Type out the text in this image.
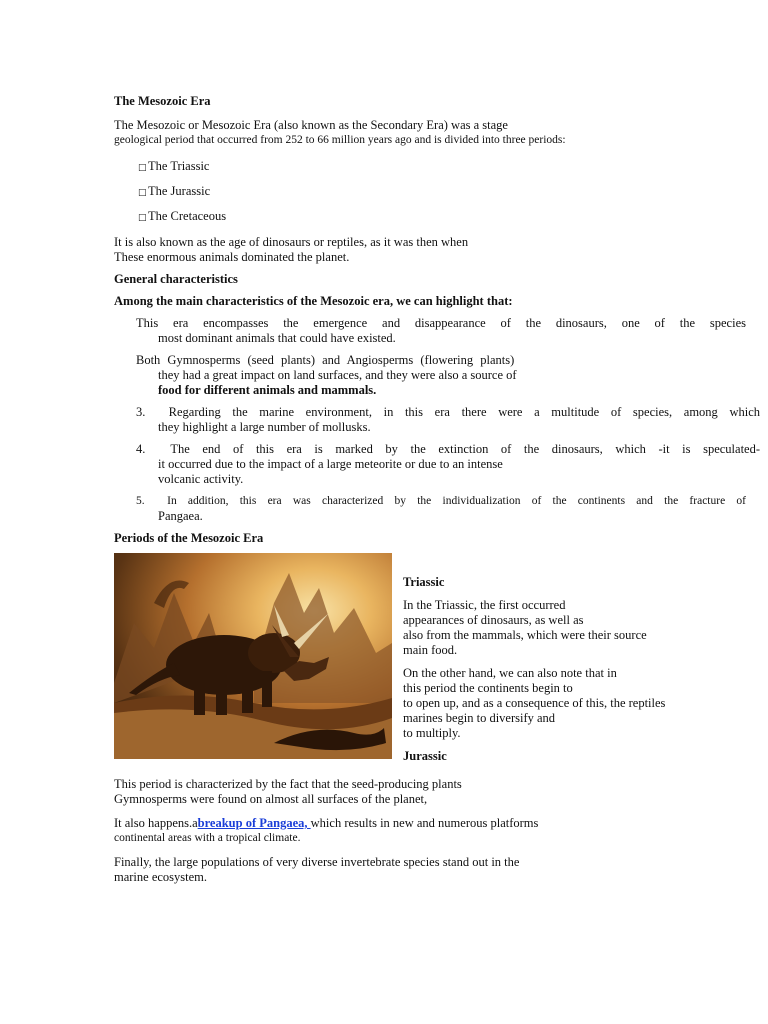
The Mesozoic Era

The Mesozoic or Mesozoic Era (also known as the Secondary Era) was a stage
geological period that occurred from 252 to 66 million years ago and is divided into three periods:

□The Triassic

□The Jurassic

□The Cretaceous

It is also known as the age of dinosaurs or reptiles, as it was then when
These enormous animals dominated the planet.

General characteristics

Among the main characteristics of the Mesozoic era, we can highlight that:

This era encompasses the emergence and disappearance of the dinosaurs, one of the species
most dominant animals that could have existed.
Both Gymnosperms (seed plants) and Angiosperms (flowering plants)
they had a great impact on land surfaces, and they were also a source of
food for different animals and mammals.
3. Regarding the marine environment, in this era there were a multitude of species, among which
they highlight a large number of mollusks.
4. The end of this era is marked by the extinction of the dinosaurs, which -it is speculated-
it occurred due to the impact of a large meteorite or due to an intense
volcanic activity.
5. In addition, this era was characterized by the individualization of the continents and the fracture of
Pangaea.

Periods of the Mesozoic Era

Triassic

In the Triassic, the first occurred
appearances of dinosaurs, as well as
also from the mammals, which were their source
main food.

On the other hand, we can also note that in
this period the continents begin to
to open up, and as a consequence of this, the reptiles
marines begin to diversify and
to multiply.

Jurassic

This period is characterized by the fact that the seed-producing plants
Gymnosperms were found on almost all surfaces of the planet,

It also happens.abreakup of Pangaea, which results in new and numerous platforms
continental areas with a tropical climate.

Finally, the large populations of very diverse invertebrate species stand out in the
marine ecosystem.
